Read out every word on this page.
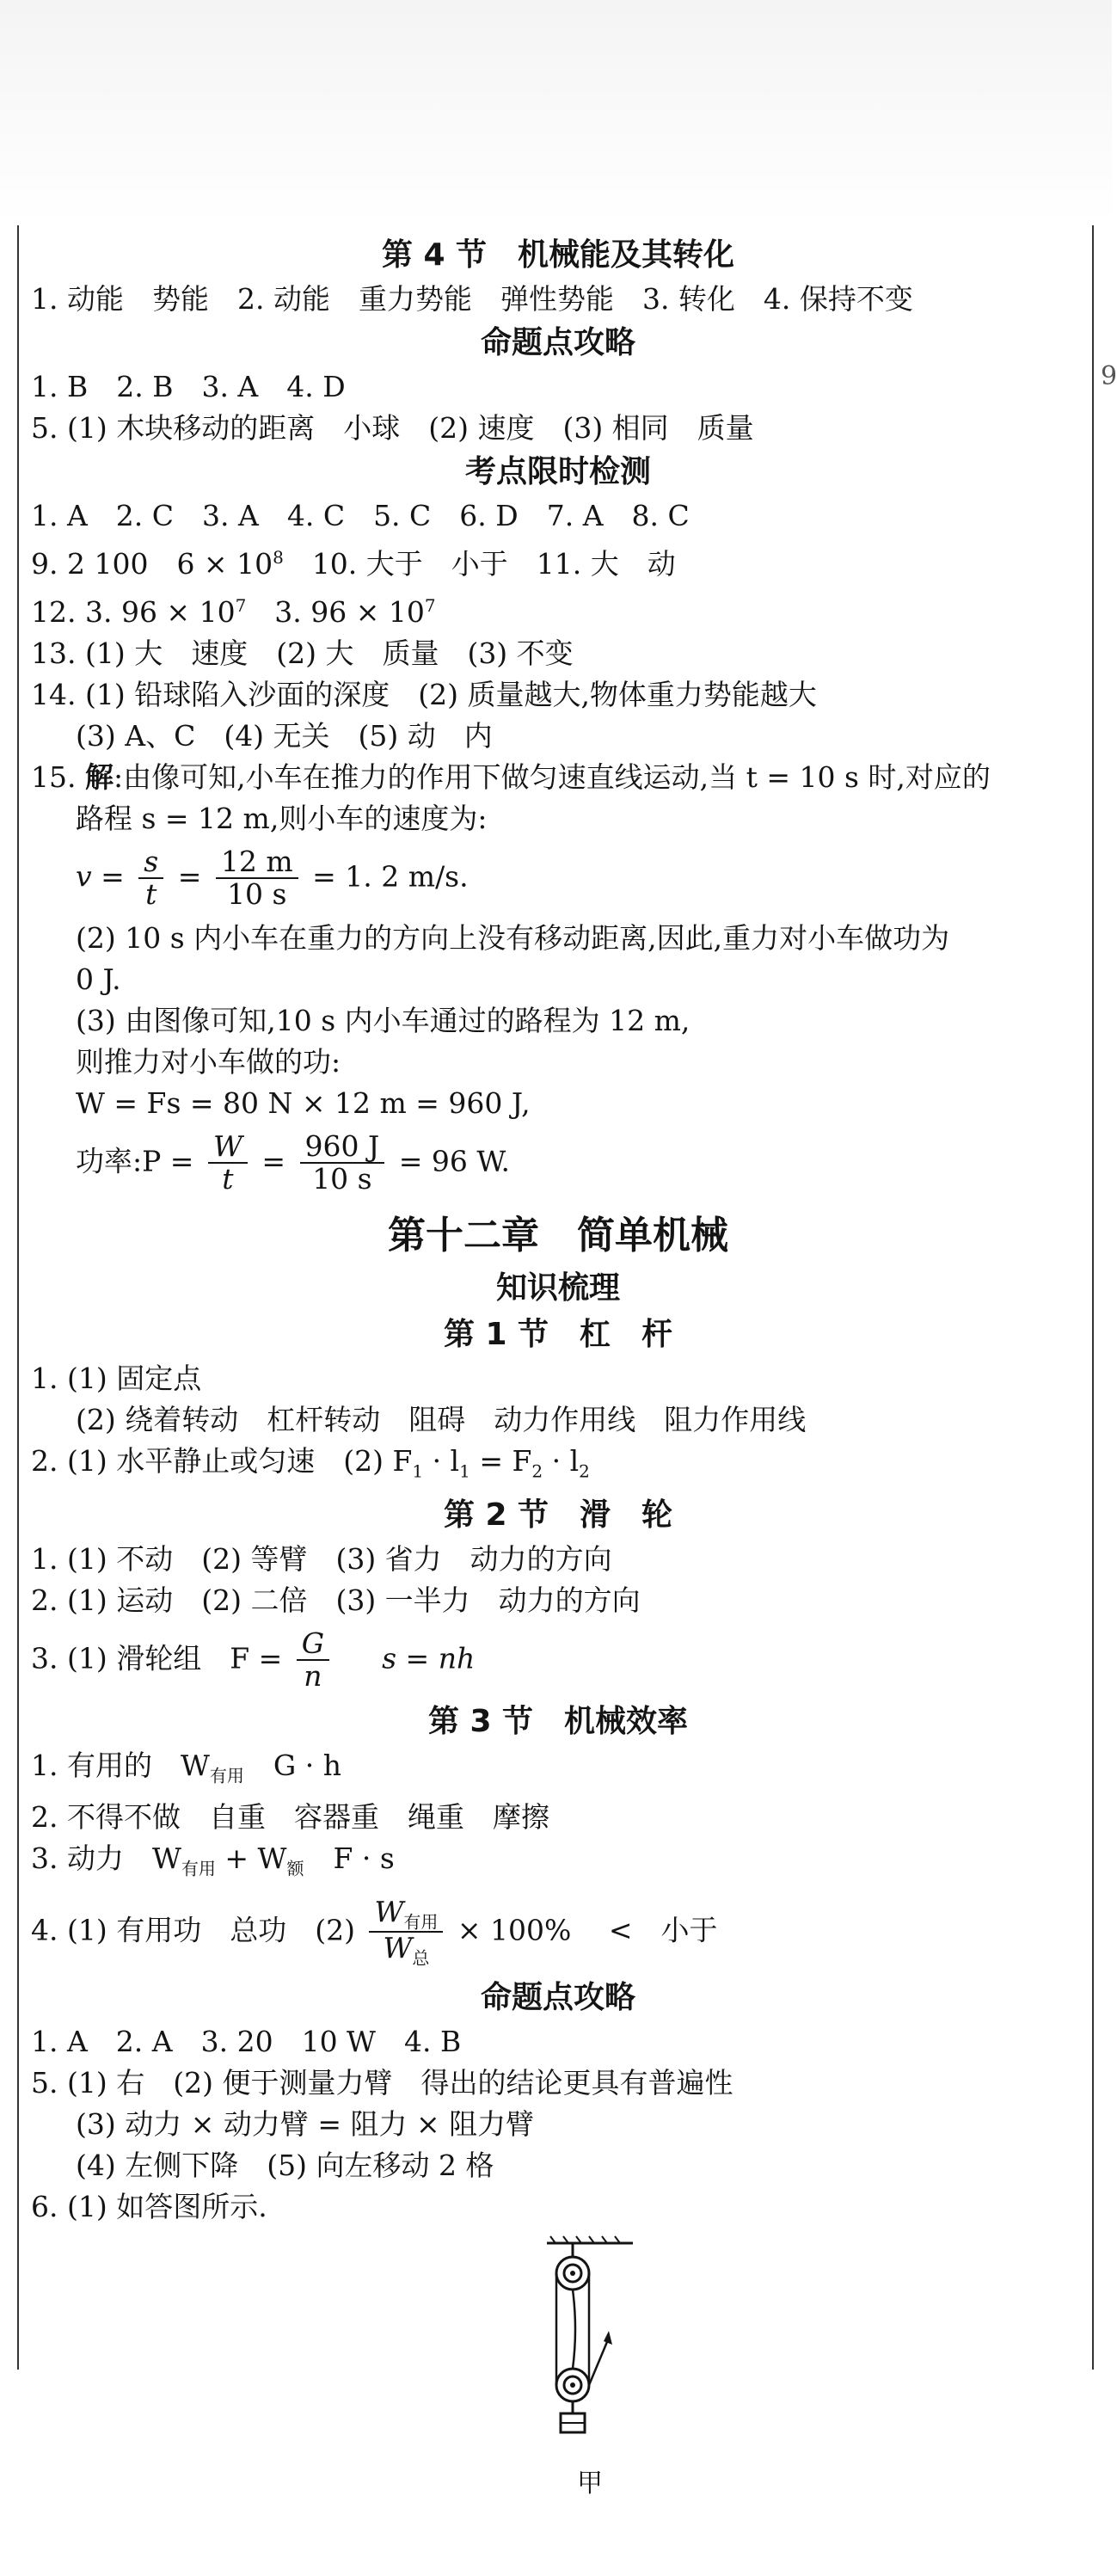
9
第 4 节　机械能及其转化
1. 动能　势能　2. 动能　重力势能　弹性势能　3. 转化　4. 保持不变
命题点攻略
1. B　2. B　3. A　4. D
5. (1) 木块移动的距离　小球　(2) 速度　(3) 相同　质量
考点限时检测
1. A　2. C　3. A　4. C　5. C　6. D　7. A　8. C
9. 2 100　$6 \times 10^8$　10. 大于　小于　11. 大　动
12. 3. $96 \times 10^7$　3. $96 \times 10^7$
13. (1) 大　速度　(2) 大　质量　(3) 不变
14. (1) 铅球陷入沙面的深度　(2) 质量越大,物体重力势能越大
(3) A、C　(4) 无关　(5) 动　内
15. 解:由像可知,小车在推力的作用下做匀速直线运动,当 t = 10 s 时,对应的
路程 s = 12 m,则小车的速度为:
$v = \frac{s}{t} = \frac{12 m}{10 s} = 1$. 2 m/s.
(2) 10 s 内小车在重力的方向上没有移动距离,因此,重力对小车做功为
0 J.
(3) 由图像可知,10 s 内小车通过的路程为 12 m,
则推力对小车做的功:
W = Fs = 80 N × 12 m = 960 J,
功率:P = $\frac{W}{t} = \frac{960 J}{10 s} = 96$ W.
第十二章　简单机械
知识梳理
第 1 节　杠　杆
1. (1) 固定点
(2) 绕着转动　杠杆转动　阻碍　动力作用线　阻力作用线
2. (1) 水平静止或匀速　(2) $F_1 \cdot l_1 = F_2 \cdot l_2$
第 2 节　滑　轮
1. (1) 不动　(2) 等臂　(3) 省力　动力的方向
2. (1) 运动　(2) 二倍　(3) 一半力　动力的方向
3. (1) 滑轮组　$F = \frac{G}{n}$ s = nh
第 3 节　机械效率
1. 有用的　$W_{有用}$ G · h
2. 不得不做　自重　容器重　绳重　摩擦
3. 动力　$W_{有用} + W_额$ F · s
4. (1) 有用功　总功　$(2) \frac{W_{有用}}{W_总} \times 100\%$　 <　小于
命题点攻略
1. A　2. A　3. 20　10 W　4. B
5. (1) 右　(2) 便于测量力臂　得出的结论更具有普遍性
(3) 动力 × 动力臂 = 阻力 × 阻力臂
(4) 左侧下降　(5) 向左移动 2 格
6. (1) 如答图所示.
甲
